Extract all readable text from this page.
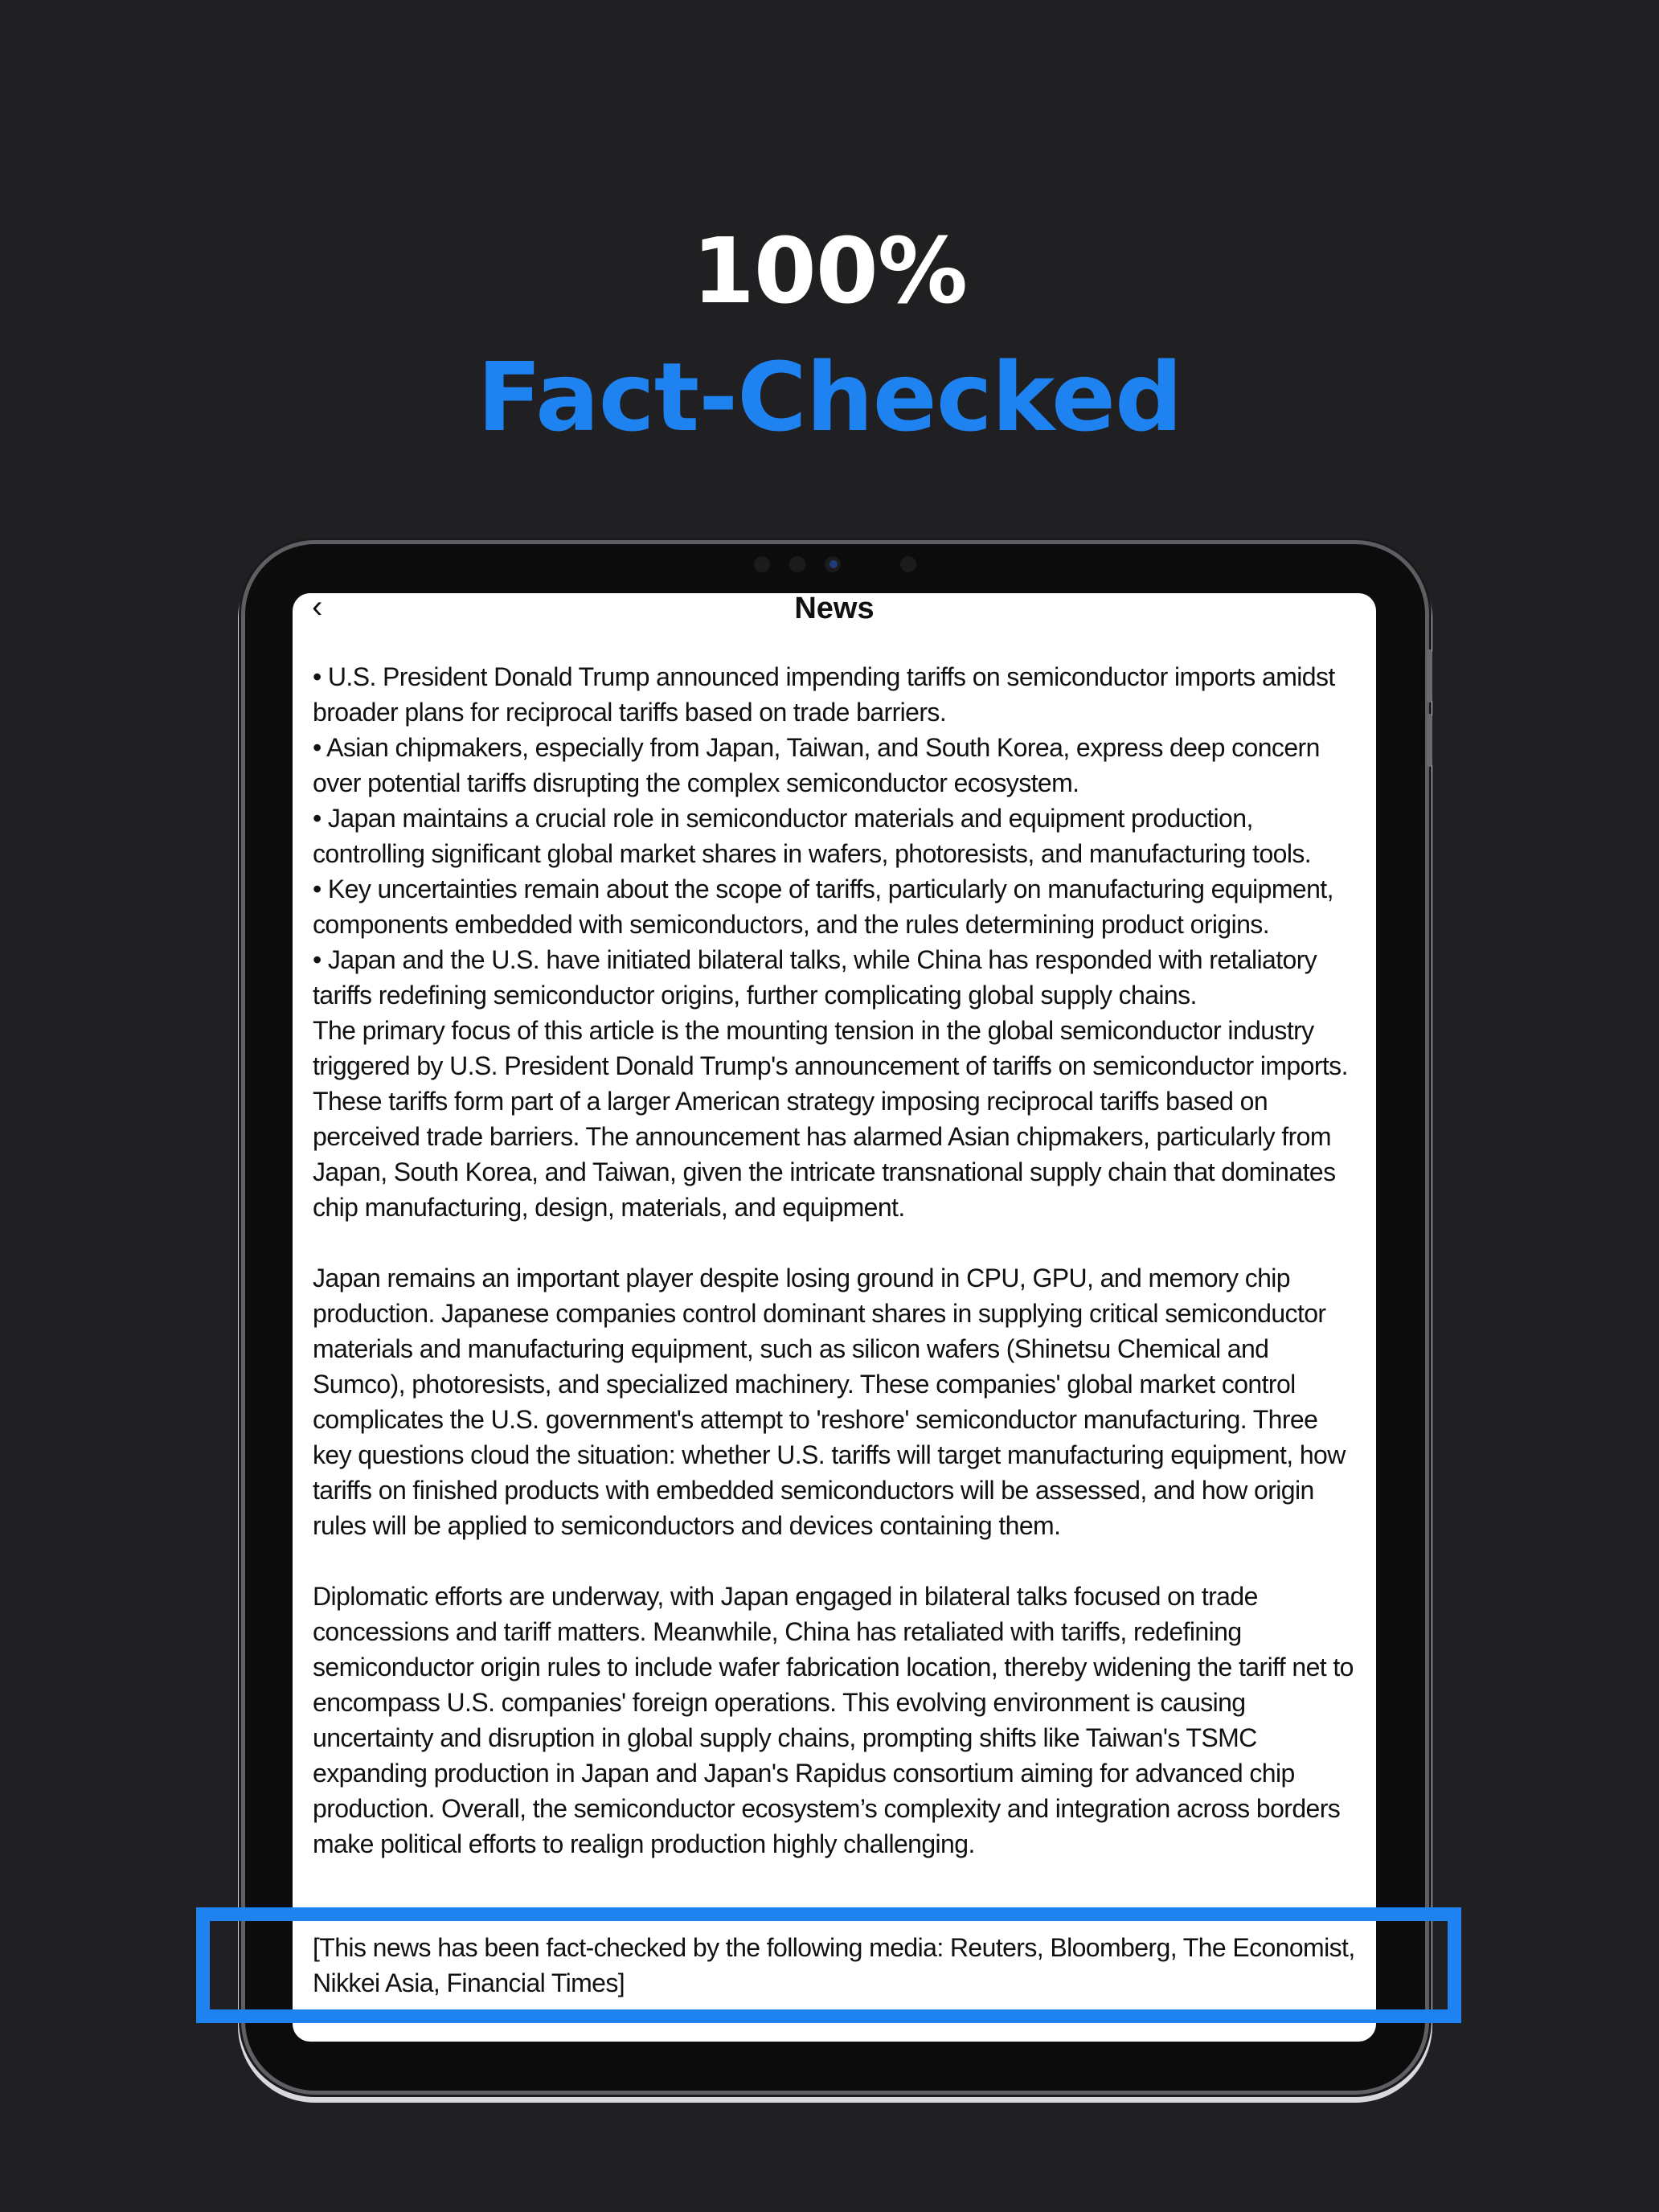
100%
Fact-Checked
‹	News

• U.S. President Donald Trump announced impending tariffs on semiconductor imports amidst broader plans for reciprocal tariffs based on trade barriers.

• Asian chipmakers, especially from Japan, Taiwan, and South Korea, express deep concern over potential tariffs disrupting the complex semiconductor ecosystem.

• Japan maintains a crucial role in semiconductor materials and equipment production, controlling significant global market shares in wafers, photoresists, and manufacturing tools.

• Key uncertainties remain about the scope of tariffs, particularly on manufacturing equipment, components embedded with semiconductors, and the rules determining product origins.

• Japan and the U.S. have initiated bilateral talks, while China has responded with retaliatory tariffs redefining semiconductor origins, further complicating global supply chains.

The primary focus of this article is the mounting tension in the global semiconductor industry triggered by U.S. President Donald Trump's announcement of tariffs on semiconductor imports. These tariffs form part of a larger American strategy imposing reciprocal tariffs based on perceived trade barriers. The announcement has alarmed Asian chipmakers, particularly from Japan, South Korea, and Taiwan, given the intricate transnational supply chain that dominates chip manufacturing, design, materials, and equipment.

Japan remains an important player despite losing ground in CPU, GPU, and memory chip production. Japanese companies control dominant shares in supplying critical semiconductor materials and manufacturing equipment, such as silicon wafers (Shinetsu Chemical and Sumco), photoresists, and specialized machinery. These companies' global market control complicates the U.S. government's attempt to 'reshore' semiconductor manufacturing. Three key questions cloud the situation: whether U.S. tariffs will target manufacturing equipment, how tariffs on finished products with embedded semiconductors will be assessed, and how origin rules will be applied to semiconductors and devices containing them.

Diplomatic efforts are underway, with Japan engaged in bilateral talks focused on trade concessions and tariff matters. Meanwhile, China has retaliated with tariffs, redefining semiconductor origin rules to include wafer fabrication location, thereby widening the tariff net to encompass U.S. companies' foreign operations. This evolving environment is causing uncertainty and disruption in global supply chains, prompting shifts like Taiwan's TSMC expanding production in Japan and Japan's Rapidus consortium aiming for advanced chip production. Overall, the semiconductor ecosystem’s complexity and integration across borders make political efforts to realign production highly challenging.

[This news has been fact-checked by the following media: Reuters, Bloomberg, The Economist, Nikkei Asia, Financial Times]
